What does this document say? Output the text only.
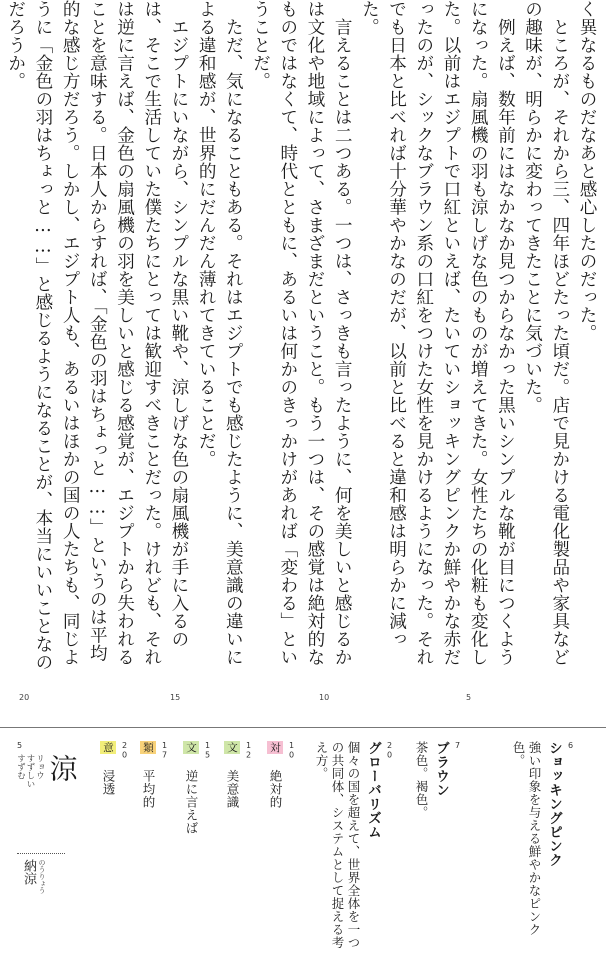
く異なるものだなあと感心したのだった。

　ところが、それから三、四年ほどたった頃だ。店で見かける電化製品や家具などの趣味が、明らかに変わってきたことに気づいた。

　例えば、数年前にはなかなか見つからなかった黒いシンプルな靴が目につくようになった。扇風機の羽も涼しげな色のものが増えてきた。女性たちの化粧も変化した。以前はエジプトで口紅といえば、たいていショッキングピンクか鮮やかな赤だったのが、シックなブラウン系の口紅をつけた女性を見かけるようになった。それでも日本と比べれば十分華やかなのだが、以前と比べると違和感は明らかに減った。

　言えることは二つある。一つは、さっきも言ったように、何を美しいと感じるかは文化や地域によって、さまざまだということ。もう一つは、その感覚は絶対的なものではなくて、時代とともに、あるいは何かのきっかけがあれば「変わる」ということだ。

　ただ、気になることもある。それはエジプトでも感じたように、美意識の違いによる違和感が、世界的にだんだん薄れてきていることだ。

　エジプトにいながら、シンプルな黒い靴や、涼しげな色の扇風機が手に入るのは、そこで生活していた僕たちにとっては歓迎すべきことだった。けれども、それは逆に言えば、金色の扇風機の羽を美しいと感じる感覚が、エジプトから失われることを意味する。日本人からすれば、「金色の羽はちょっと……」というのは平均的な感じ方だろう。しかし、エジプト人も、あるいはほかの国の人たちも、同じように「金色の羽はちょっと……」と感じるようになることが、本当にいいことなのだろうか。

5
10
15
20
6
ショッキングピンク
強い印象を与える鮮やかなピンク色。
7
ブラウン
茶色。褐色。
20
グローバリズム
個々の国を超えて、世界全体を一つの共同体、システムとして捉える考え方。
10
対 絶対的
12
文 美意識
15
文 逆に言えば
17
類 平均的
20
意 浸透
5
涼
リョウ
すずしい
すずむ
納涼 のうりょう
